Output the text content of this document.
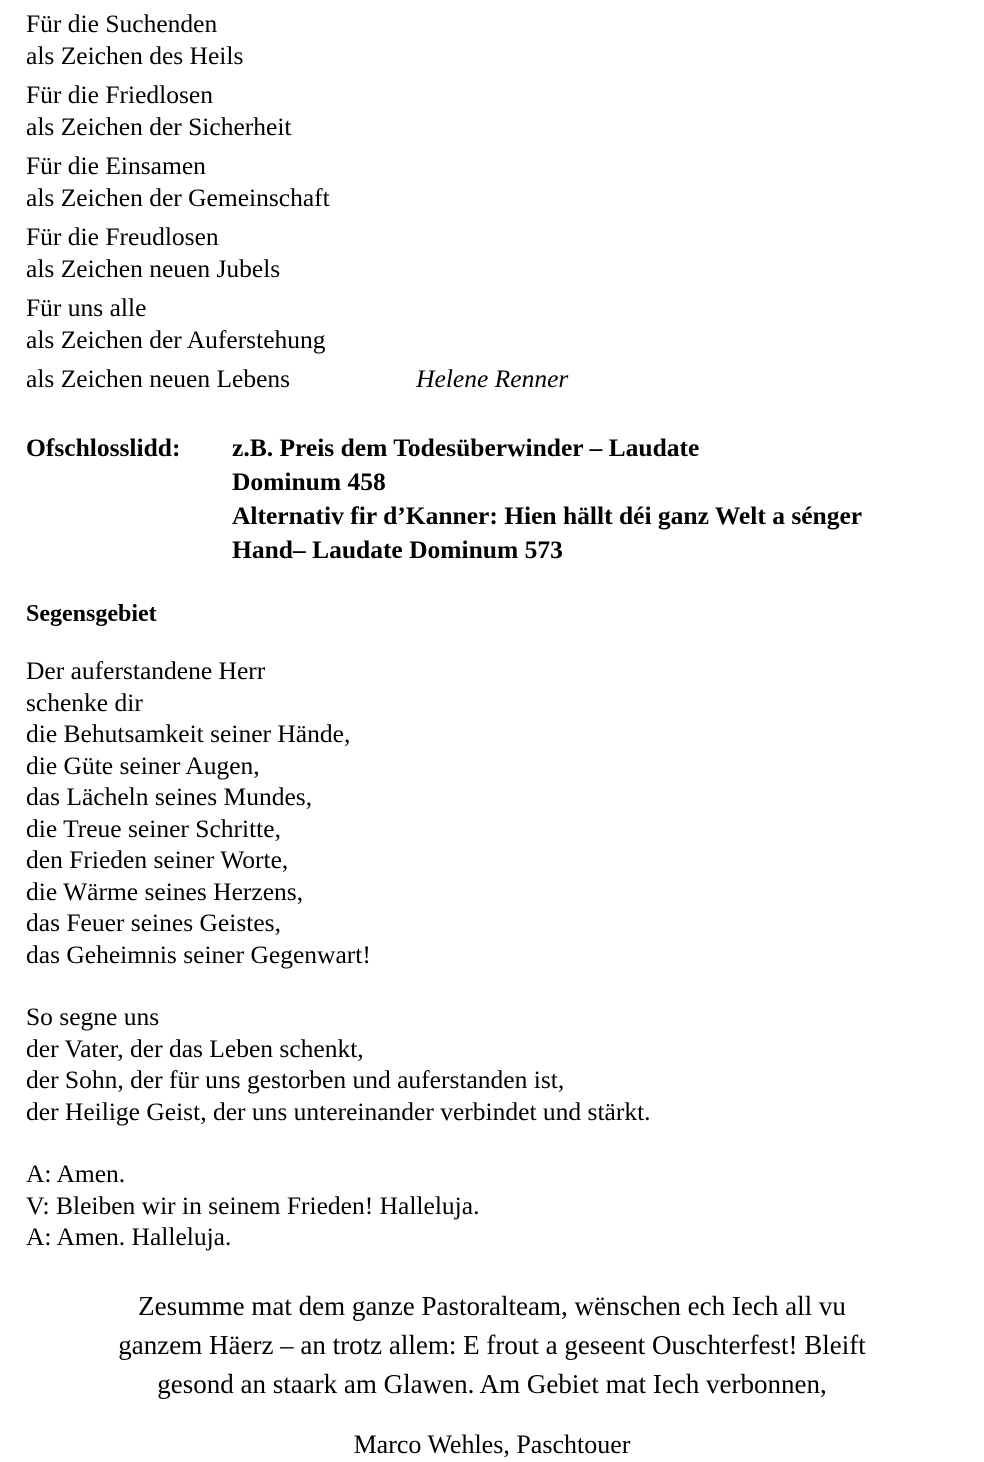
Für die Suchenden
als Zeichen des Heils
Für die Friedlosen
als Zeichen der Sicherheit
Für die Einsamen
als Zeichen der Gemeinschaft
Für die Freudlosen
als Zeichen neuen Jubels
Für uns alle
als Zeichen der Auferstehung
als Zeichen neuen Lebens	Helene Renner
Ofschlosslidd:	z.B. Preis dem Todesüberwinder – Laudate
Dominum 458
Alternativ fir d’Kanner: Hien hällt déi ganz Welt a sénger
Hand– Laudate Dominum 573
Segensgebiet
Der auferstandene Herr
schenke dir
die Behutsamkeit seiner Hände,
die Güte seiner Augen,
das Lächeln seines Mundes,
die Treue seiner Schritte,
den Frieden seiner Worte,
die Wärme seines Herzens,
das Feuer seines Geistes,
das Geheimnis seiner Gegenwart!
So segne uns
der Vater, der das Leben schenkt,
der Sohn, der für uns gestorben und auferstanden ist,
der Heilige Geist, der uns untereinander verbindet und stärkt.
A: Amen.
V: Bleiben wir in seinem Frieden! Halleluja.
A: Amen. Halleluja.
Zesumme mat dem ganze Pastoralteam, wënschen ech Iech all vu
ganzem Häerz – an trotz allem: E frout a geseent Ouschterfest! Bleift
gesond an staark am Glawen. Am Gebiet mat Iech verbonnen,
Marco Wehles, Paschtouer
